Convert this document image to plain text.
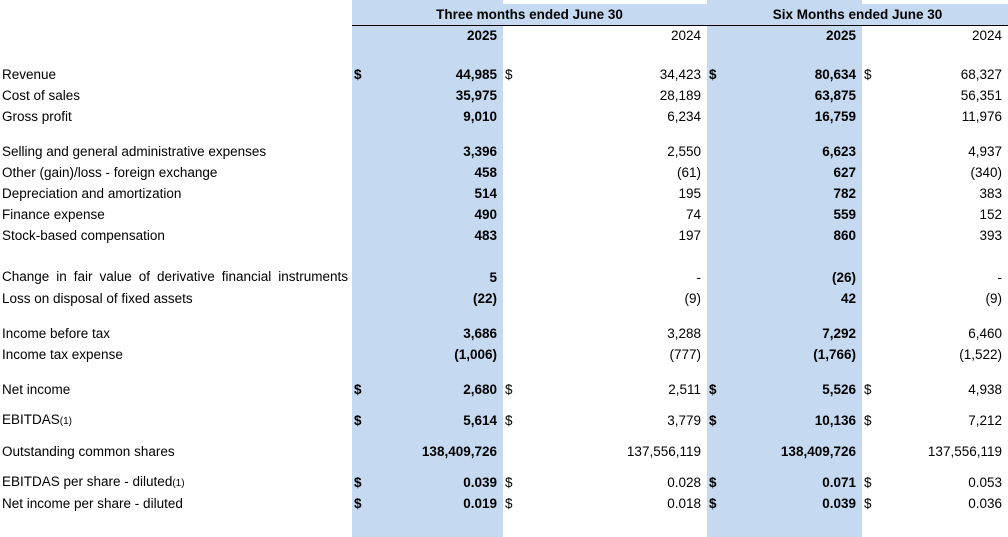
	Three months ended June 30				Six Months ended June 30			
		2025		2024		2025		2024

Revenue	$	44,985	$	34,423	$	80,634	$	68,327
Cost of sales		35,975		28,189		63,875		56,351
Gross profit		9,010		6,234		16,759		11,976

Selling and general administrative expenses		3,396		2,550		6,623		4,937
Other (gain)/loss - foreign exchange		458		(61)		627		(340)
Depreciation and amortization		514		195		782		383
Finance expense		490		74		559		152
Stock-based compensation		483		197		860		393
Change in fair value of derivative financial instruments		5		-		(26)		-
Loss on disposal of fixed assets		(22)		(9)		42		(9)

Income before tax		3,686		3,288		7,292		6,460
Income tax expense		(1,006)		(777)		(1,766)		(1,522)

Net income	$	2,680	$	2,511	$	5,526	$	4,938

EBITDAS(1)	$	5,614	$	3,779	$	10,136	$	7,212

Outstanding common shares		138,409,726		137,556,119		138,409,726		137,556,119

EBITDAS per share - diluted(1)	$	0.039	$	0.028	$	0.071	$	0.053
Net income per share - diluted	$	0.019	$	0.018	$	0.039	$	0.036
